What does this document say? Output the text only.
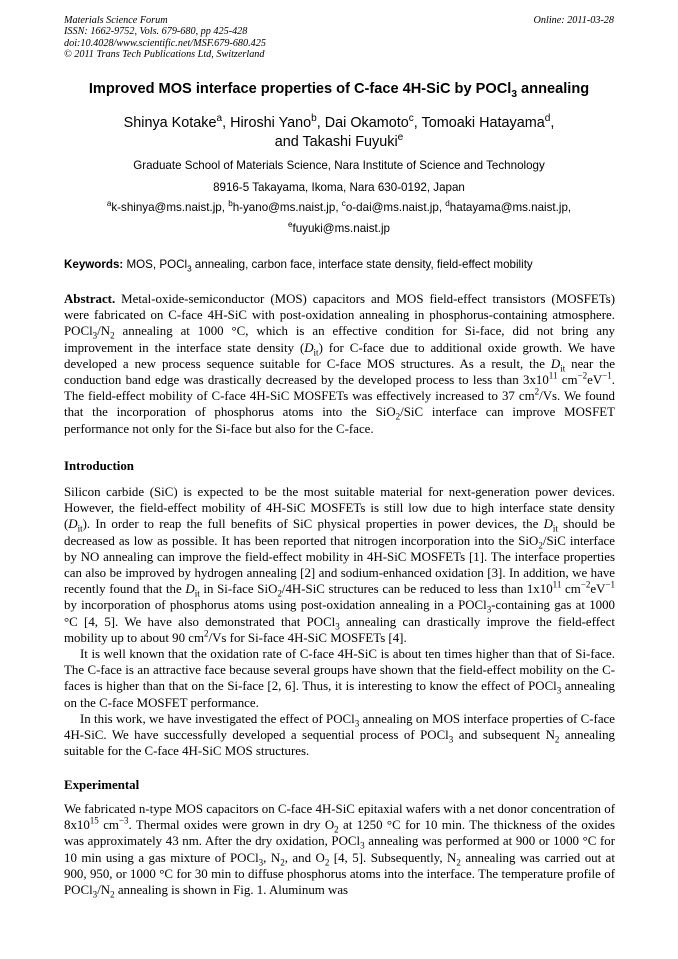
Materials Science Forum
ISSN: 1662-9752, Vols. 679-680, pp 425-428
doi:10.4028/www.scientific.net/MSF.679-680.425
© 2011 Trans Tech Publications Ltd, Switzerland
Online: 2011-03-28
Improved MOS interface properties of C-face 4H-SiC by POCl$_3$ annealing
Shinya Kotake$^a$, Hiroshi Yano$^b$, Dai Okamoto$^c$, Tomoaki Hatayama$^d$,
and Takashi Fuyuki$^e$
Graduate School of Materials Science, Nara Institute of Science and Technology
8916-5 Takayama, Ikoma, Nara 630-0192, Japan
$^a$k-shinya@ms.naist.jp, $^b$h-yano@ms.naist.jp, $^c$o-dai@ms.naist.jp, $^d$hatayama@ms.naist.jp,
$^e$fuyuki@ms.naist.jp
Keywords: MOS, POCl$_3$ annealing, carbon face, interface state density, field-effect mobility
Abstract. Metal-oxide-semiconductor (MOS) capacitors and MOS field-effect transistors (MOSFETs) were fabricated on C-face 4H-SiC with post-oxidation annealing in phosphorus-containing atmosphere. $POCl_3/N_2$ annealing at 1000 °C, which is an effective condition for Si-face, did not bring any improvement in the interface state density $(D_{it})$ for C-face due to additional oxide growth. We have developed a new process sequence suitable for C-face MOS structures. As a result, the $D_{it}$ near the conduction band edge was drastically decreased by the developed process to less than $3x10^{11}$ $cm^{-2}eV^{-1}$. The field-effect mobility of C-face 4H-SiC MOSFETs was effectively increased to 37 $cm^2/Vs$. We found that the incorporation of phosphorus atoms into the SiO$_2$/SiC interface can improve MOSFET performance not only for the Si-face but also for the C-face.
Introduction

Silicon carbide (SiC) is expected to be the most suitable material for next-generation power devices. However, the field-effect mobility of 4H-SiC MOSFETs is still low due to high interface state density $(D_{it})$. In order to reap the full benefits of SiC physical properties in power devices, the $D_{it}$ should be decreased as low as possible. It has been reported that nitrogen incorporation into the SiO$_2$/SiC interface by NO annealing can improve the field-effect mobility in 4H-SiC MOSFETs [1]. The interface properties can also be improved by hydrogen annealing [2] and sodium-enhanced oxidation [3]. In addition, we have recently found that the $D_{it}$ in Si-face SiO$_2$/4H-SiC structures can be reduced to less than $1x10^{11}$ $cm^{-2}eV^{-1}$ by incorporation of phosphorus atoms using post-oxidation annealing in a POCl$_3$-containing gas at 1000 °C [4, 5]. We have also demonstrated that POCl$_3$ annealing can drastically improve the field-effect mobility up to about 90 $cm^2/Vs$ for Si-face 4H-SiC MOSFETs [4].

It is well known that the oxidation rate of C-face 4H-SiC is about ten times higher than that of Si-face. The C-face is an attractive face because several groups have shown that the field-effect mobility on the C-faces is higher than that on the Si-face [2, 6]. Thus, it is interesting to know the effect of POCl$_3$ annealing on the C-face MOSFET performance.

In this work, we have investigated the effect of POCl$_3$ annealing on MOS interface properties of C-face 4H-SiC. We have successfully developed a sequential process of POCl$_3$ and subsequent $N_2$ annealing suitable for the C-face 4H-SiC MOS structures.

Experimental

We fabricated n-type MOS capacitors on C-face 4H-SiC epitaxial wafers with a net donor concentration of $8x10^{15}$ $cm^{-3}$. Thermal oxides were grown in dry $O_2$ at 1250 °C for 10 min. The thickness of the oxides was approximately 43 nm. After the dry oxidation, POCl$_3$ annealing was performed at 900 or 1000 °C for 10 min using a gas mixture of POCl$_3$, $N_2$, and $O_2$ [4, 5]. Subsequently, $N_2$ annealing was carried out at 900, 950, or 1000 °C for 30 min to diffuse phosphorus atoms into the interface. The temperature profile of $POCl_3/N_2$ annealing is shown in Fig. 1. Aluminum was
